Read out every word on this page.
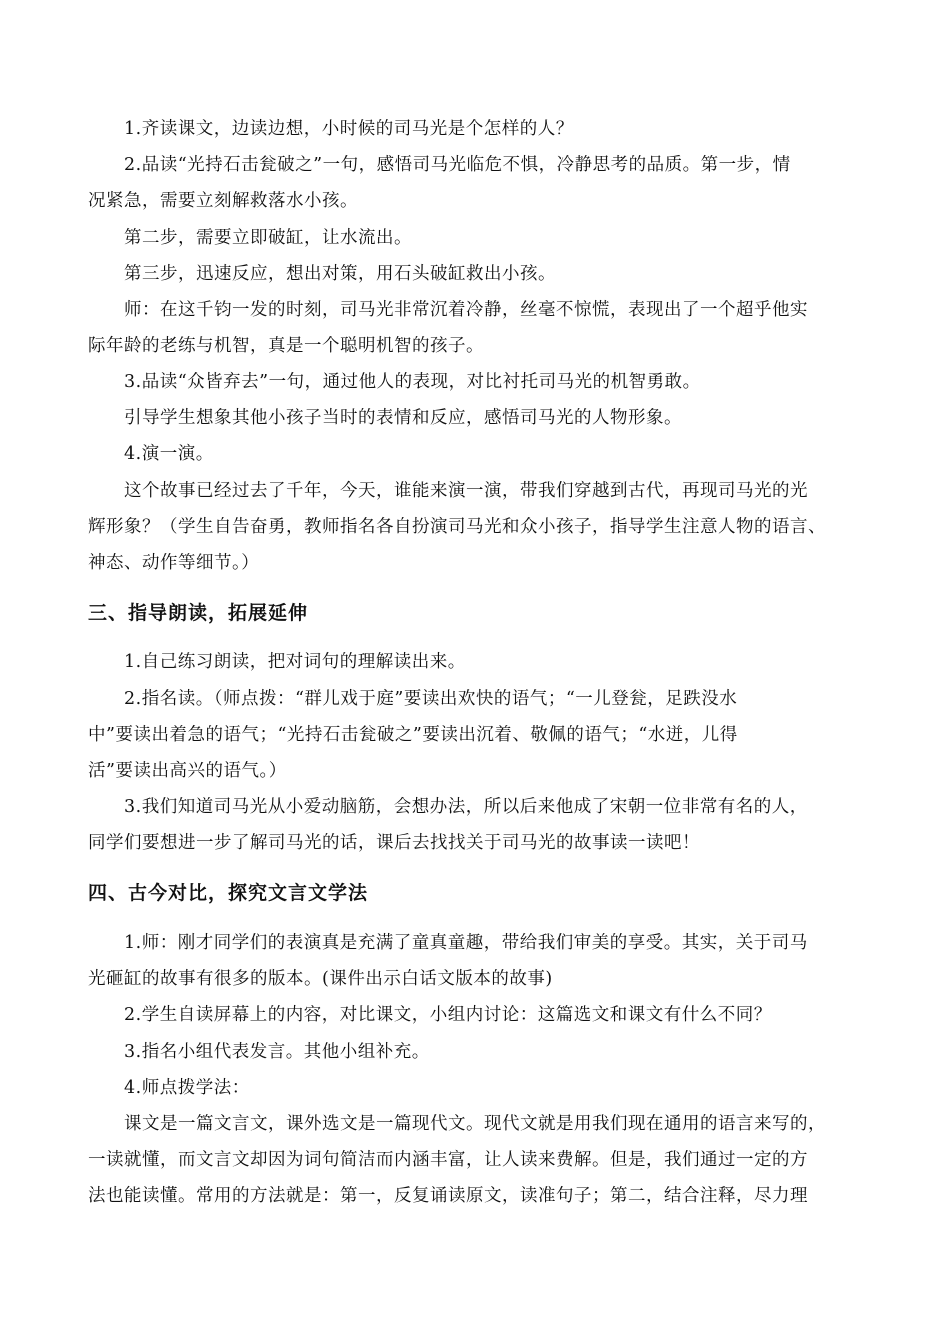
1.齐读课文，边读边想，小时候的司马光是个怎样的人？
2.品读“光持石击瓮破之”一句，感悟司马光临危不惧，冷静思考的品质。第一步，情
况紧急，需要立刻解救落水小孩。
第二步，需要立即破缸，让水流出。
第三步，迅速反应，想出对策，用石头破缸救出小孩。
师：在这千钧一发的时刻，司马光非常沉着冷静，丝毫不惊慌，表现出了一个超乎他实
际年龄的老练与机智，真是一个聪明机智的孩子。
3.品读“众皆弃去”一句，通过他人的表现，对比衬托司马光的机智勇敢。
引导学生想象其他小孩子当时的表情和反应，感悟司马光的人物形象。
4.演一演。
这个故事已经过去了千年，今天，谁能来演一演，带我们穿越到古代，再现司马光的光
辉形象？（学生自告奋勇，教师指名各自扮演司马光和众小孩子，指导学生注意人物的语言、
神态、动作等细节。）
三、指导朗读，拓展延伸
1.自己练习朗读，把对词句的理解读出来。
2.指名读。（师点拨：“群儿戏于庭”要读出欢快的语气；“一儿登瓮，足跌没水
中”要读出着急的语气；“光持石击瓮破之”要读出沉着、敬佩的语气；“水迸，儿得
活”要读出高兴的语气。）
3.我们知道司马光从小爱动脑筋，会想办法，所以后来他成了宋朝一位非常有名的人，
同学们要想进一步了解司马光的话，课后去找找关于司马光的故事读一读吧！
四、古今对比，探究文言文学法
1.师：刚才同学们的表演真是充满了童真童趣，带给我们审美的享受。其实，关于司马
光砸缸的故事有很多的版本。(课件出示白话文版本的故事)
2.学生自读屏幕上的内容，对比课文，小组内讨论：这篇选文和课文有什么不同？
3.指名小组代表发言。其他小组补充。
4.师点拨学法：
课文是一篇文言文，课外选文是一篇现代文。现代文就是用我们现在通用的语言来写的，
一读就懂，而文言文却因为词句简洁而内涵丰富，让人读来费解。但是，我们通过一定的方
法也能读懂。常用的方法就是：第一，反复诵读原文，读准句子；第二，结合注释，尽力理
